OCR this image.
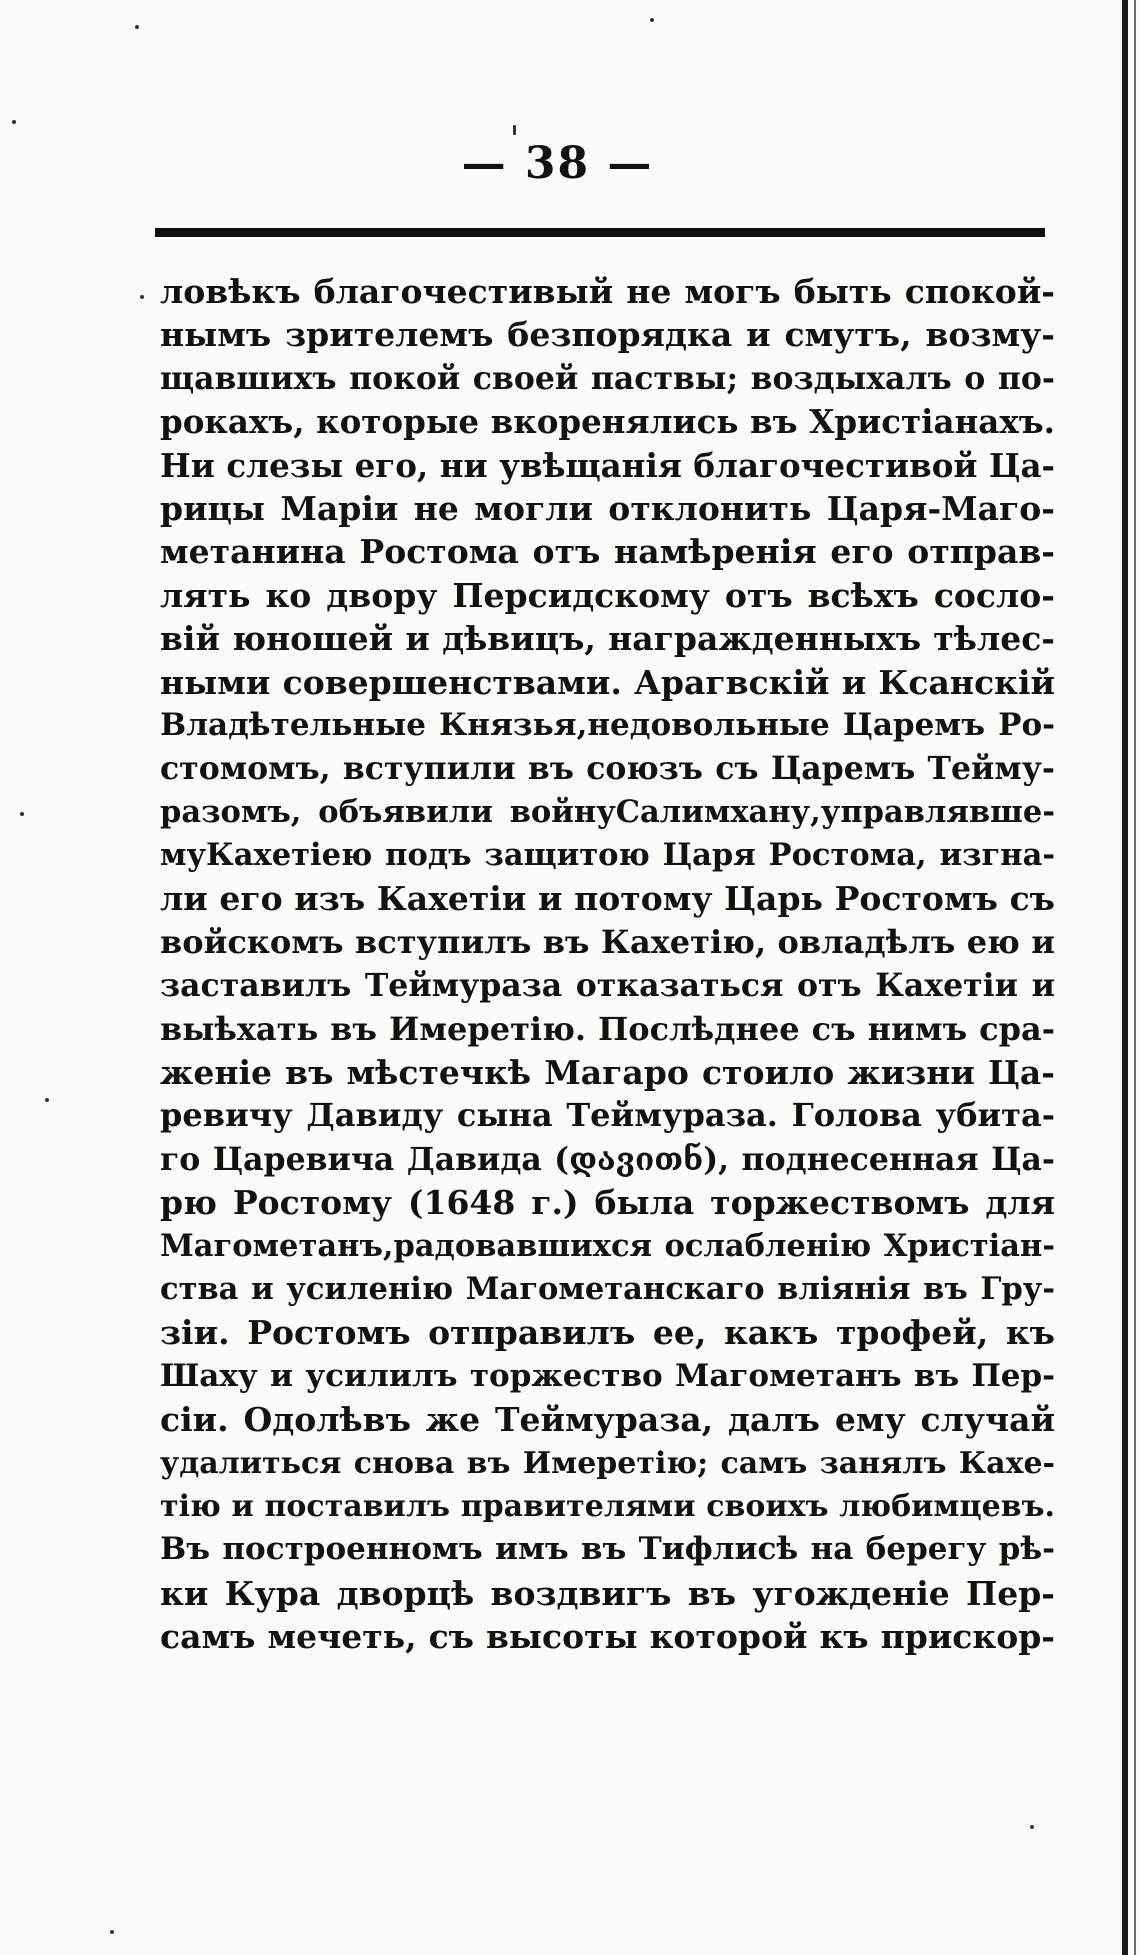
— 38 —
ловѣкъ благочестивый не могъ быть спокой-
нымъ зрителемъ безпорядка и смутъ, возму-
щавшихъ покой своей паствы; воздыхалъ о по-
рокахъ, которые вкоренялись въ Христіанахъ.
Ни слезы его, ни увѣщанія благочестивой Ца-
рицы Маріи не могли отклонить Царя-Маго-
метанина Ростома отъ намѣренія его отправ-
лять ко двору Персидскому отъ всѣхъ сосло-
вій юношей и дѣвицъ, награжденныхъ тѣлес-
ными совершенствами. Арагвскій и Ксанскій
Владѣтельные Князья,недовольные Царемъ Ро-
стомомъ, вступили въ союзъ съ Царемъ Тейму-
разомъ, объявили войнуСалимхану,управлявше-
муКахетіею подъ защитою Царя Ростома, изгна-
ли его изъ Кахетіи и потому Царь Ростомъ съ
войскомъ вступилъ въ Кахетію, овладѣлъ ею и
заставилъ Теймураза отказаться отъ Кахетіи и
выѣхать въ Имеретію. Послѣднее съ нимъ сра-
женіе въ мѣстечкѣ Магаро стоило жизни Ца-
ревичу Давиду сына Теймураза. Голова убита-
го Царевича Давида (დავითნ), поднесенная Ца-
рю Ростому (1648 г.) была торжествомъ для
Магометанъ,радовавшихся ослабленію Христіан-
ства и усиленію Магометанскаго вліянія въ Гру-
зіи. Ростомъ отправилъ ее, какъ трофей, къ
Шаху и усилилъ торжество Магометанъ въ Пер-
сіи. Одолѣвъ же Теймураза, далъ ему случай
удалиться снова въ Имеретію; самъ занялъ Кахе-
тію и поставилъ правителями своихъ любимцевъ.
Въ построенномъ имъ въ Тифлисѣ на берегу рѣ-
ки Кура дворцѣ воздвигъ въ угожденіе Пер-
самъ мечеть, съ высоты которой къ прискор-
